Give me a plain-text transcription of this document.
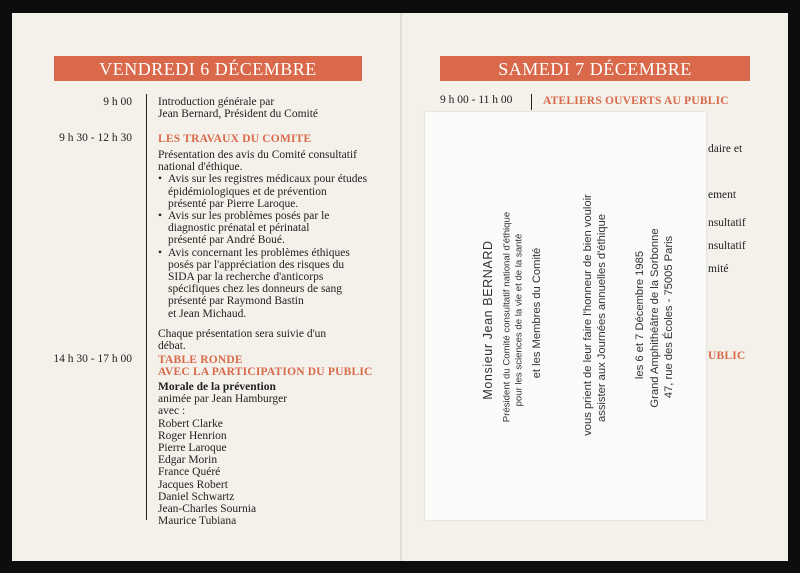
VENDREDI 6 DÉCEMBRE
9 h 00 Introduction générale par
Jean Bernard, Président du Comité
9 h 30 - 12 h 30 LES TRAVAUX DU COMITE
Présentation des avis du Comité consultatif
national d'éthique.
• Avis sur les registres médicaux pour études
épidémiologiques et de prévention
présenté par Pierre Laroque.
• Avis sur les problèmes posés par le
diagnostic prénatal et périnatal
présenté par André Boué.
• Avis concernant les problèmes éthiques
posés par l'appréciation des risques du
SIDA par la recherche d'anticorps
spécifiques chez les donneurs de sang
présenté par Raymond Bastin
et Jean Michaud.
Chaque présentation sera suivie d'un
débat.
14 h 30 - 17 h 00 TABLE RONDE
AVEC LA PARTICIPATION DU PUBLIC
Morale de la prévention
animée par Jean Hamburger
avec :
Robert Clarke
Roger Henrion
Pierre Laroque
Edgar Morin
France Quéré
Jacques Robert
Daniel Schwartz
Jean-Charles Sournia
Maurice Tubiana
SAMEDI 7 DÉCEMBRE
9 h 00 - 11 h 00	ATELIERS OUVERTS AU PUBLIC
daire et
ement
nsultatif
nsultatif
mité
UBLIC
Monsieur Jean BERNARD Président du Comité consultatif national d'éthique pour les sciences de la vie et de la santé et les Membres du Comité	vous prient de leur faire l'honneur de bien vouloir assister aux Journées annuelles d'éthique les 6 et 7 Décembre 1985 Grand Amphithéâtre de la Sorbonne 47, rue des Écoles - 75005 Paris
